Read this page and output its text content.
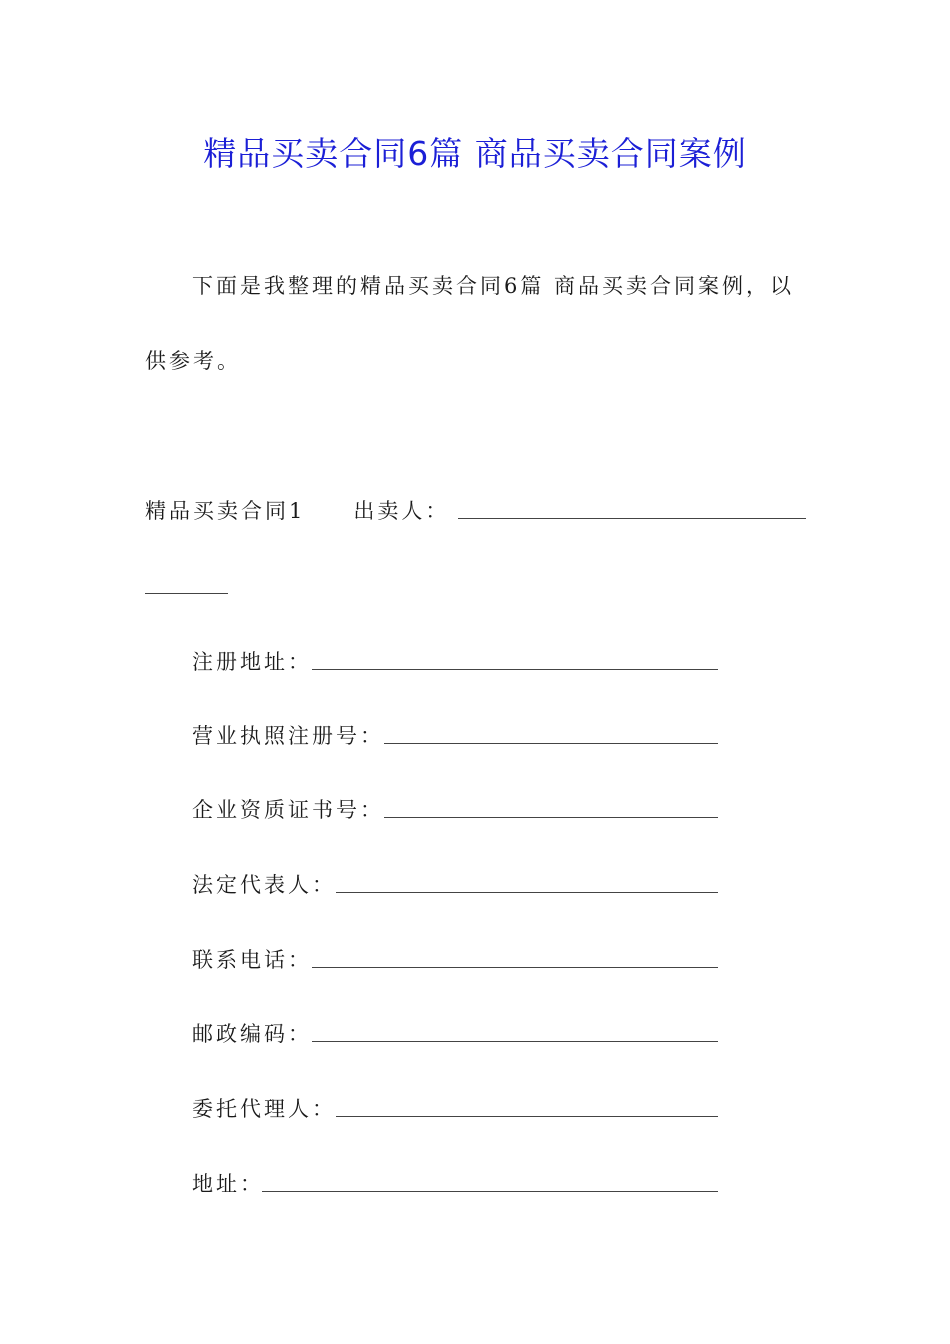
精品买卖合同6篇 商品买卖合同案例
下面是我整理的精品买卖合同6篇 商品买卖合同案例，以
供参考。
精品买卖合同1 出卖人：
注册地址：
营业执照注册号：
企业资质证书号：
法定代表人：
联系电话：
邮政编码：
委托代理人：
地址：
